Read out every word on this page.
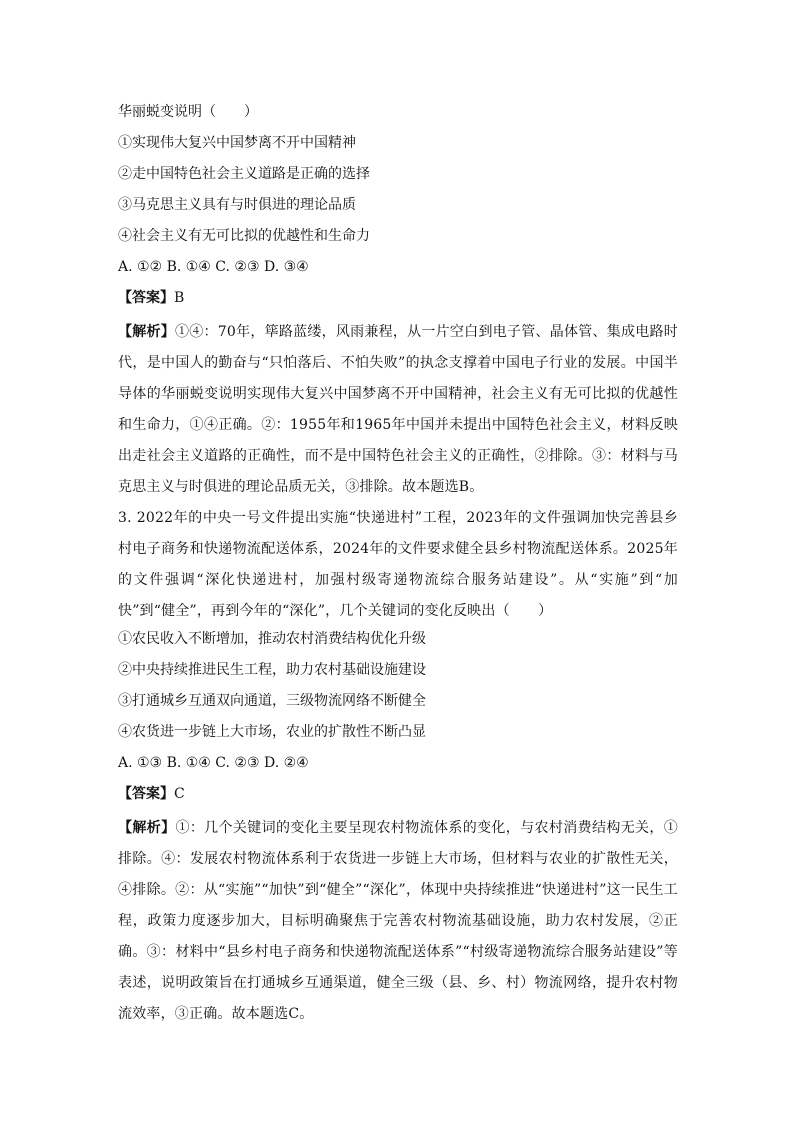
华丽蜕变说明（　　）
①实现伟大复兴中国梦离不开中国精神
②走中国特色社会主义道路是正确的选择
③马克思主义具有与时俱进的理论品质
④社会主义有无可比拟的优越性和生命力
A. ①② B. ①④ C. ②③ D. ③④
【答案】B
【解析】①④：70年，筚路蓝缕，风雨兼程，从一片空白到电子管、晶体管、集成电路时代，是中国人的勤奋与“只怕落后、不怕失败”的执念支撑着中国电子行业的发展。中国半导体的华丽蜕变说明实现伟大复兴中国梦离不开中国精神，社会主义有无可比拟的优越性和生命力，①④正确。②：1955年和1965年中国并未提出中国特色社会主义，材料反映出走社会主义道路的正确性，而不是中国特色社会主义的正确性，②排除。③：材料与马克思主义与时俱进的理论品质无关，③排除。故本题选B。
3. 2022年的中央一号文件提出实施“快递进村”工程，2023年的文件强调加快完善县乡村电子商务和快递物流配送体系，2024年的文件要求健全县乡村物流配送体系。2025年的文件强调“深化快递进村，加强村级寄递物流综合服务站建设”。从“实施”到“加快”到“健全”，再到今年的“深化”，几个关键词的变化反映出（　　）
①农民收入不断增加，推动农村消费结构优化升级
②中央持续推进民生工程，助力农村基础设施建设
③打通城乡互通双向通道，三级物流网络不断健全
④农货进一步链上大市场，农业的扩散性不断凸显
A. ①③ B. ①④ C. ②③ D. ②④
【答案】C
【解析】①：几个关键词的变化主要呈现农村物流体系的变化，与农村消费结构无关，①排除。④：发展农村物流体系利于农货进一步链上大市场，但材料与农业的扩散性无关，④排除。②：从“实施”“加快”到“健全”“深化”，体现中央持续推进“快递进村”这一民生工程，政策力度逐步加大，目标明确聚焦于完善农村物流基础设施，助力农村发展，②正确。③：材料中“县乡村电子商务和快递物流配送体系”“村级寄递物流综合服务站建设”等表述，说明政策旨在打通城乡互通渠道，健全三级（县、乡、村）物流网络，提升农村物流效率，③正确。故本题选C。
